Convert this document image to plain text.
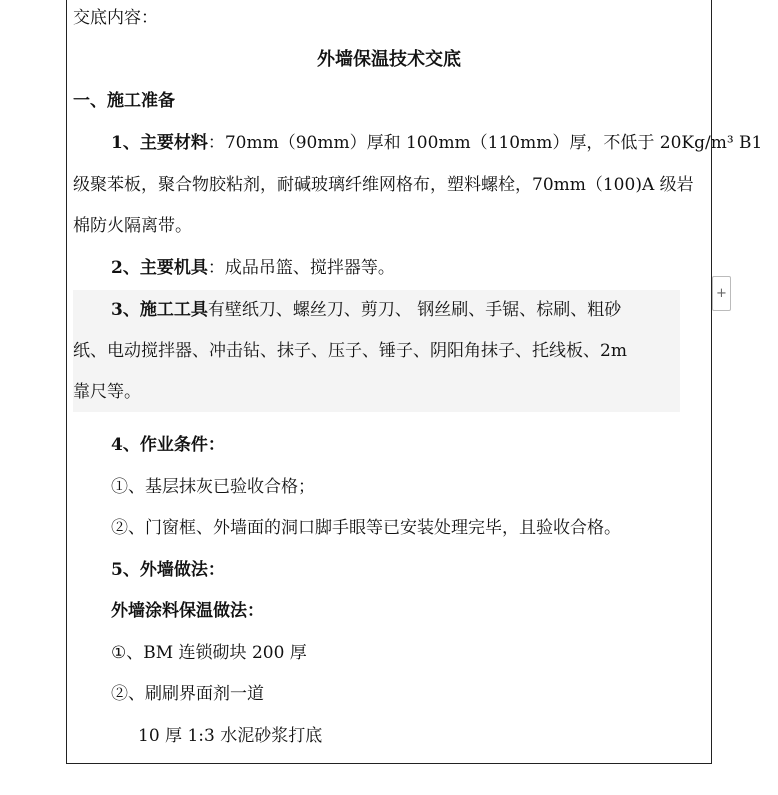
交底内容：
外墙保温技术交底
一、施工准备
1、主要材料：70mm（90mm）厚和 100mm（110mm）厚，不低于 20Kg/m³ B1
级聚苯板，聚合物胶粘剂，耐碱玻璃纤维网格布，塑料螺栓，70mm（100)A 级岩
棉防火隔离带。
2、主要机具：成品吊篮、搅拌器等。
3、施工工具有壁纸刀、螺丝刀、剪刀、 钢丝刷、手锯、棕刷、粗砂
纸、电动搅拌器、冲击钻、抹子、压子、锤子、阴阳角抹子、托线板、2m
靠尺等。
4、作业条件：
①、基层抹灰已验收合格；
②、门窗框、外墙面的洞口脚手眼等已安装处理完毕，且验收合格。
5、外墙做法：
外墙涂料保温做法：
①、BM 连锁砌块 200 厚
②、刷刷界面剂一道
10 厚 1:3 水泥砂浆打底
+
